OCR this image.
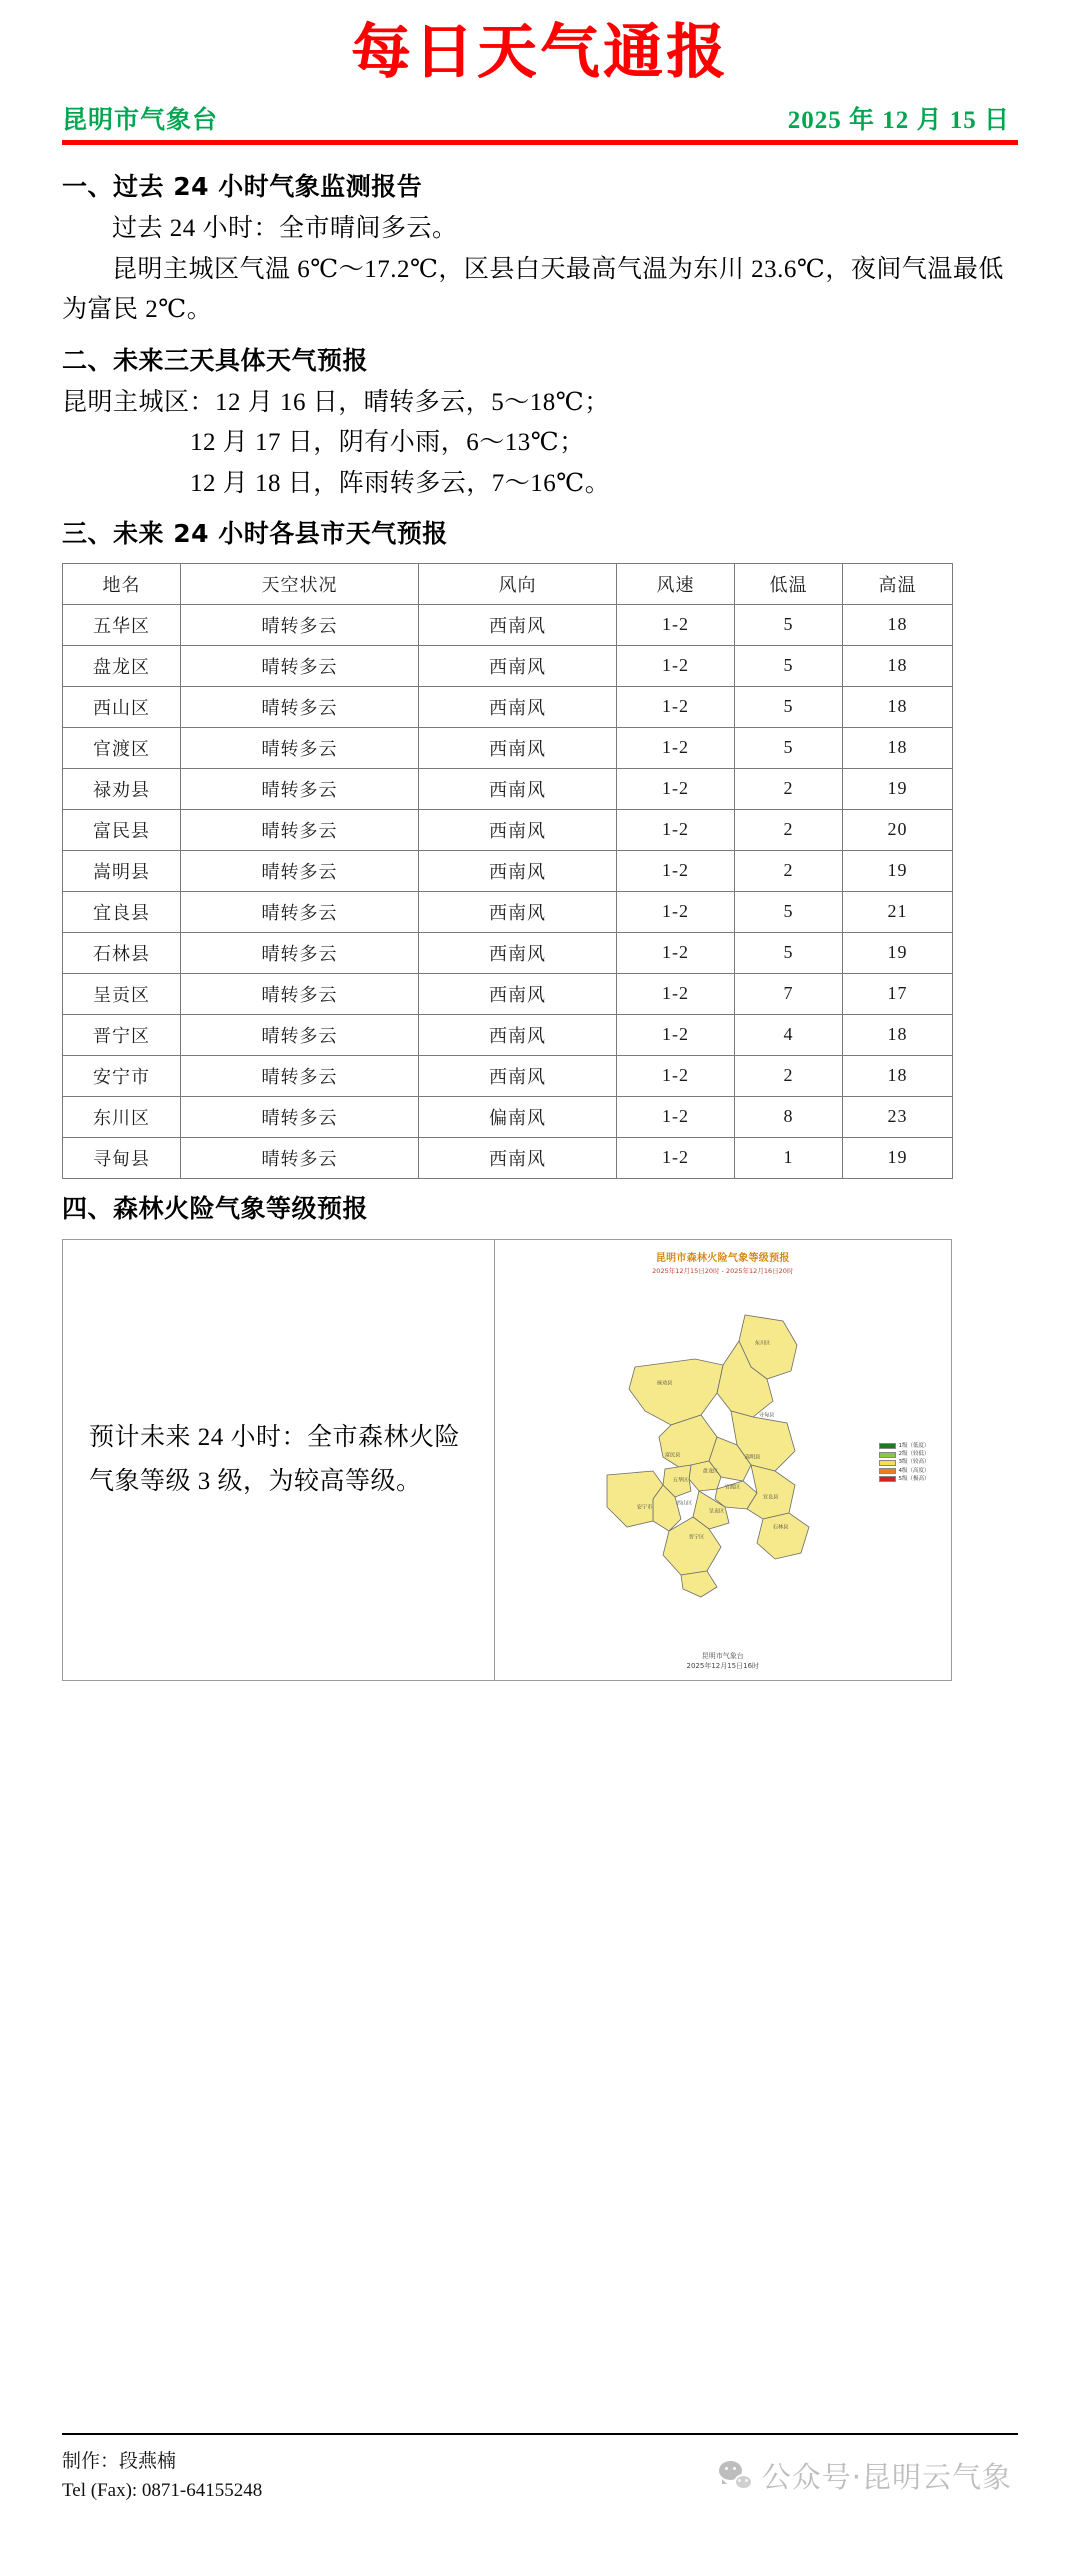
每日天气通报
昆明市气象台	2025 年 12 月 15 日
一、过去 24 小时气象监测报告

过去 24 小时：全市晴间多云。

昆明主城区气温 6℃～17.2℃，区县白天最高气温为东川 23.6℃，夜间气温最低为富民 2℃。

二、未来三天具体天气预报

昆明主城区：12 月 16 日，晴转多云，5～18℃；

12 月 17 日，阴有小雨，6～13℃；

12 月 18 日，阵雨转多云，7～16℃。

三、未来 24 小时各县市天气预报
地名	天空状况	风向	风速	低温	高温
五华区	晴转多云	西南风	1-2	5	18
盘龙区	晴转多云	西南风	1-2	5	18
西山区	晴转多云	西南风	1-2	5	18
官渡区	晴转多云	西南风	1-2	5	18
禄劝县	晴转多云	西南风	1-2	2	19
富民县	晴转多云	西南风	1-2	2	20
嵩明县	晴转多云	西南风	1-2	2	19
宜良县	晴转多云	西南风	1-2	5	21
石林县	晴转多云	西南风	1-2	5	19
呈贡区	晴转多云	西南风	1-2	7	17
晋宁区	晴转多云	西南风	1-2	4	18
安宁市	晴转多云	西南风	1-2	2	18
东川区	晴转多云	偏南风	1-2	8	23
寻甸县	晴转多云	西南风	1-2	1	19
四、森林火险气象等级预报
预计未来 24 小时：全市森林火险气象等级 3 级，为较高等级。
昆明市森林火险气象等级预报
2025年12月15日20时 - 2025年12月16日20时
东川区
禄劝县
寻甸县
富民县	嵩明县
盘龙区
五华区
官渡区
西山区
宜良县
安宁市
呈贡区
石林县
晋宁区
1级（低度）
2级（较低）
3级（较高）
4级（高度）
5级（极高）
昆明市气象台
2025年12月15日16时
制作：段燕楠
Tel (Fax): 0871-64155248	公众号·昆明云气象
